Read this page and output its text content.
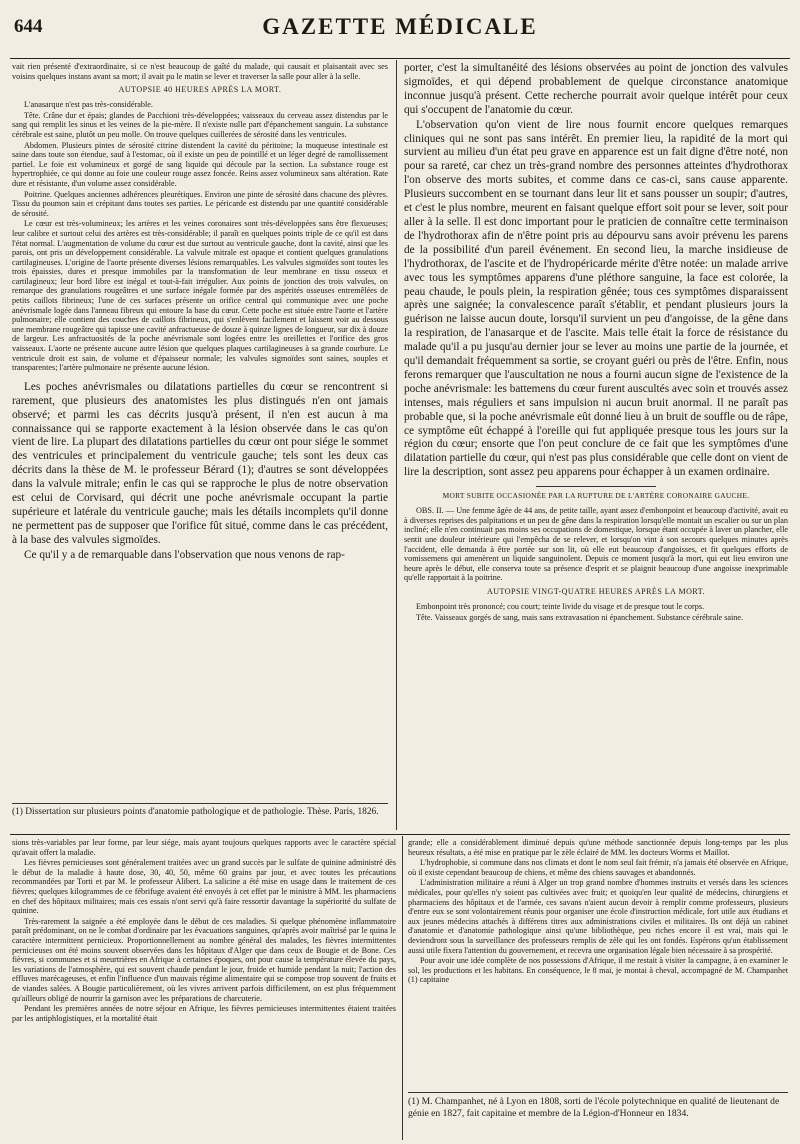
644	GAZETTE MÉDICALE

vait rien présenté d'extraordinaire, si ce n'est beaucoup de gaîté du malade, qui causait et plaisantait avec ses voisins quelques instans avant sa mort; il avait pu le matin se lever et traverser la salle pour aller à la selle.

AUTOPSIE 40 HEURES APRÈS LA MORT.

L'anasarque n'est pas très-considérable.

Tête. Crâne dur et épais; glandes de Pacchioni très-développées; vaisseaux du cerveau assez distendus par le sang qui remplit les sinus et les veines de la pie-mère. Il n'existe nulle part d'épanchement sanguin. La substance cérébrale est saine, plutôt un peu molle. On trouve quelques cuillerées de sérosité dans les ventricules.

Abdomen. Plusieurs pintes de sérosité citrine distendent la cavité du péritoine; la muqueuse intestinale est saine dans toute son étendue, sauf à l'estomac, où il existe un peu de pointillé et un léger degré de ramollissement partiel. Le foie est volumineux et gorgé de sang liquide qui découle par la section. La substance rouge est hypertrophiée, ce qui donne au foie une couleur rouge assez foncée. Reins assez volumineux sans altération. Rate dure et résistante, d'un volume assez considérable.

Poitrine. Quelques anciennes adhérences pleurétiques. Environ une pinte de sérosité dans chacune des plèvres. Tissu du poumon sain et crépitant dans toutes ses parties. Le péricarde est distendu par une quantité considérable de sérosité.

Le cœur est très-volumineux; les artères et les veines coronaires sont très-développées sans être flexueuses; leur calibre et surtout celui des artères est très-considérable; il paraît en quelques points triple de ce qu'il est dans l'état normal. L'augmentation de volume du cœur est due surtout au ventricule gauche, dont la cavité, ainsi que les parois, ont pris un développement considérable. La valvule mitrale est opaque et contient quelques granulations cartilagineuses. L'origine de l'aorte présente diverses lésions remarquables. Les valvules sigmoïdes sont toutes les trois épaissies, dures et presque immobiles par la transformation de leur membrane en tissu osseux et cartilagineux; leur bord libre est inégal et tout-à-fait irrégulier. Aux points de jonction des trois valvules, on remarque des granulations rougeâtres et une surface inégale formée par des aspérités osseuses entremêlées de petits caillots fibrineux; l'une de ces surfaces présente un orifice central qui communique avec une poche anévrismale logée dans l'anneau fibreux qui entoure la base du cœur. Cette poche est située entre l'aorte et l'artère pulmonaire; elle contient des couches de caillots fibrineux, qui s'enlèvent facilement et laissent voir au dessous une membrane rougeâtre qui tapisse une cavité anfractueuse de douze à quinze lignes de longueur, sur dix à douze de largeur. Les anfractuosités de la poche anévrismale sont logées entre les oreillettes et l'orifice des gros vaisseaux. L'aorte ne présente aucune autre lésion que quelques plaques cartilagineuses à sa grande courbure. Le ventricule droit est sain, de volume et d'épaisseur normale; les valvules sigmoïdes sont saines, souples et transparentes; l'artère pulmonaire ne présente aucune lésion.

Les poches anévrismales ou dilatations partielles du cœur se rencontrent si rarement, que plusieurs des anatomistes les plus distingués n'en ont jamais observé; et parmi les cas décrits jusqu'à présent, il n'en est aucun à ma connaissance qui se rapporte exactement à la lésion observée dans le cas qu'on vient de lire. La plupart des dilatations partielles du cœur ont pour siége le sommet des ventricules et principalement du ventricule gauche; tels sont les deux cas décrits dans la thèse de M. le professeur Bérard (1); d'autres se sont développées dans la valvule mitrale; enfin le cas qui se rapproche le plus de notre observation est celui de Corvisard, qui décrit une poche anévrismale occupant la partie supérieure et latérale du ventricule gauche; mais les détails incomplets qu'il donne ne permettent pas de supposer que l'orifice fût situé, comme dans le cas précédent, à la base des valvules sigmoïdes.

Ce qu'il y a de remarquable dans l'observation que nous venons de rap-

(1) Dissertation sur plusieurs points d'anatomie pathologique et de pathologie. Thèse. Paris, 1826.

porter, c'est la simultanéité des lésions observées au point de jonction des valvules sigmoïdes, et qui dépend probablement de quelque circonstance anatomique inconnue jusqu'à présent. Cette recherche pourrait avoir quelque intérêt pour ceux qui s'occupent de l'anatomie du cœur.

L'observation qu'on vient de lire nous fournit encore quelques remarques cliniques qui ne sont pas sans intérêt. En premier lieu, la rapidité de la mort qui survient au milieu d'un état peu grave en apparence est un fait digne d'être noté, non pour sa rareté, car chez un très-grand nombre des personnes atteintes d'hydrothorax l'on observe des morts subites, et comme dans ce cas-ci, sans cause apparente. Plusieurs succombent en se tournant dans leur lit et sans pousser un soupir; d'autres, et c'est le plus nombre, meurent en faisant quelque effort soit pour se lever, soit pour aller à la selle. Il est donc important pour le praticien de connaître cette terminaison de l'hydrothorax afin de n'être point pris au dépourvu sans avoir prévenu les parens de la possibilité d'un pareil événement. En second lieu, la marche insidieuse de l'hydrothorax, de l'ascite et de l'hydropéricarde mérite d'être notée: un malade arrive avec tous les symptômes apparens d'une pléthore sanguine, la face est colorée, la peau chaude, le pouls plein, la respiration gênée; tous ces symptômes disparaissent après une saignée; la convalescence paraît s'établir, et pendant plusieurs jours la guérison ne laisse aucun doute, lorsqu'il survient un peu d'angoisse, de la gêne dans la respiration, de l'anasarque et de l'ascite. Mais telle était la force de résistance du malade qu'il a pu jusqu'au dernier jour se lever au moins une partie de la journée, et qu'il demandait fréquemment sa sortie, se croyant guéri ou près de l'être. Enfin, nous ferons remarquer que l'auscultation ne nous a fourni aucun signe de l'existence de la poche anévrismale: les battemens du cœur furent auscultés avec soin et trouvés assez intenses, mais réguliers et sans impulsion ni aucun bruit anormal. Il ne paraît pas probable que, si la poche anévrismale eût donné lieu à un bruit de souffle ou de râpe, ce symptôme eût échappé à l'oreille qui fut appliquée presque tous les jours sur la région du cœur; ensorte que l'on peut conclure de ce fait que les symptômes d'une dilatation partielle du cœur, qui n'est pas plus considérable que celle dont on vient de lire la description, sont assez peu apparens pour échapper à un examen ordinaire.

MORT SUBITE OCCASIONÉE PAR LA RUPTURE DE L'ARTÈRE CORONAIRE GAUCHE.

OBS. II. — Une femme âgée de 44 ans, de petite taille, ayant assez d'embonpoint et beaucoup d'activité, avait eu à diverses reprises des palpitations et un peu de gêne dans la respiration lorsqu'elle montait un escalier ou sur un plan incliné; elle n'en continuait pas moins ses occupations de domestique, lorsque étant occupée à laver un plancher, elle sentit une douleur intérieure qui l'empêcha de se relever, et lorsqu'on vint à son secours quelques minutes après l'accident, elle demanda à être portée sur son lit, où elle eut beaucoup d'angoisses, et fit quelques efforts de vomissemens qui amenèrent un liquide sanguinolent. Depuis ce moment jusqu'à la mort, qui eut lieu environ une heure après le début, elle conserva toute sa présence d'esprit et se plaignit beaucoup d'une angoisse inexprimable qu'elle rapportait à la poitrine.

AUTOPSIE VINGT-QUATRE HEURES APRÈS LA MORT.

Embonpoint très prononcé; cou court; teinte livide du visage et de presque tout le corps.

Tête. Vaisseaux gorgés de sang, mais sans extravasation ni épanchement. Substance cérébrale saine.

sions très-variables par leur forme, par leur siége, mais ayant toujours quelques rapports avec le caractère spécial qu'avait offert la maladie.

Les fièvres pernicieuses sont généralement traitées avec un grand succès par le sulfate de quinine administré dès le début de la maladie à haute dose, 30, 40, 50, même 60 grains par jour, et avec toutes les précautions recommandées par Torti et par M. le professeur Alibert. La salicine a été mise en usage dans le traitement de ces fièvres; quelques kilogrammes de ce fébrifuge avaient été envoyés à cet effet par le ministre à MM. les pharmaciens en chef des hôpitaux militaires; mais ces essais n'ont servi qu'à faire ressortir davantage la supériorité du sulfate de quinine.

Très-rarement la saignée a été employée dans le début de ces maladies. Si quelque phénomène inflammatoire paraît prédominant, on ne le combat d'ordinaire par les évacuations sanguines, qu'après avoir maîtrisé par le quina le caractère intermittent pernicieux. Proportionnellement au nombre général des malades, les fièvres intermittentes pernicieuses ont été moins souvent observées dans les hôpitaux d'Alger que dans ceux de Bougie et de Bone. Ces fièvres, si communes et si meurtrières en Afrique à certaines époques, ont pour cause la température élevée du pays, les variations de l'atmosphère, qui est souvent chaude pendant le jour, froide et humide pendant la nuit; l'action des effluves marécageuses, et enfin l'influence d'un mauvais régime alimentaire qui se compose trop souvent de fruits et de viandes salées. A Bougie particulièrement, où les vivres arrivent parfois difficilement, on est plus fréquemment qu'ailleurs obligé de nourrir la garnison avec les préparations de charcuterie.

Pendant les premières années de notre séjour en Afrique, les fièvres pernicieuses intermittentes étaient traitées par les antiphlogistiques, et la mortalité était

grande; elle a considérablement diminué depuis qu'une méthode sanctionnée depuis long-temps par les plus heureux résultats, a été mise en pratique par le zèle éclairé de MM. les docteurs Worms et Maillot.

L'hydrophobie, si commune dans nos climats et dont le nom seul fait frémir, n'a jamais été observée en Afrique, où il existe cependant beaucoup de chiens, et même des chiens sauvages et abandonnés.

L'administration militaire a réuni à Alger un trop grand nombre d'hommes instruits et versés dans les sciences médicales, pour qu'elles n'y soient pas cultivées avec fruit; et quoiqu'en leur qualité de médecins, chirurgiens et pharmaciens des hôpitaux et de l'armée, ces savans n'aient aucun devoir à remplir comme professeurs, plusieurs d'entre eux se sont volontairement réunis pour organiser une école d'instruction médicale, fort utile aux étudians et aux jeunes médecins attachés à différens titres aux administrations civiles et militaires. Ils ont déjà un cabinet d'anatomie et d'anatomie pathologique ainsi qu'une bibliothèque, peu riches encore il est vrai, mais qui le deviendront sous la surveillance des professeurs remplis de zèle qui les ont fondés. Espérons qu'un établissement aussi utile fixera l'attention du gouvernement, et recevra une organisation légale bien nécessaire à sa prospérité.

Pour avoir une idée complète de nos possessions d'Afrique, il me restait à visiter la campagne, à en examiner le sol, les productions et les habitans. En conséquence, le 8 mai, je montai à cheval, accompagné de M. Champanhet (1) capitaine

(1) M. Champanhet, né à Lyon en 1808, sorti de l'école polytechnique en qualité de lieutenant de génie en 1827, fait capitaine et membre de la Légion-d'Honneur en 1834.
